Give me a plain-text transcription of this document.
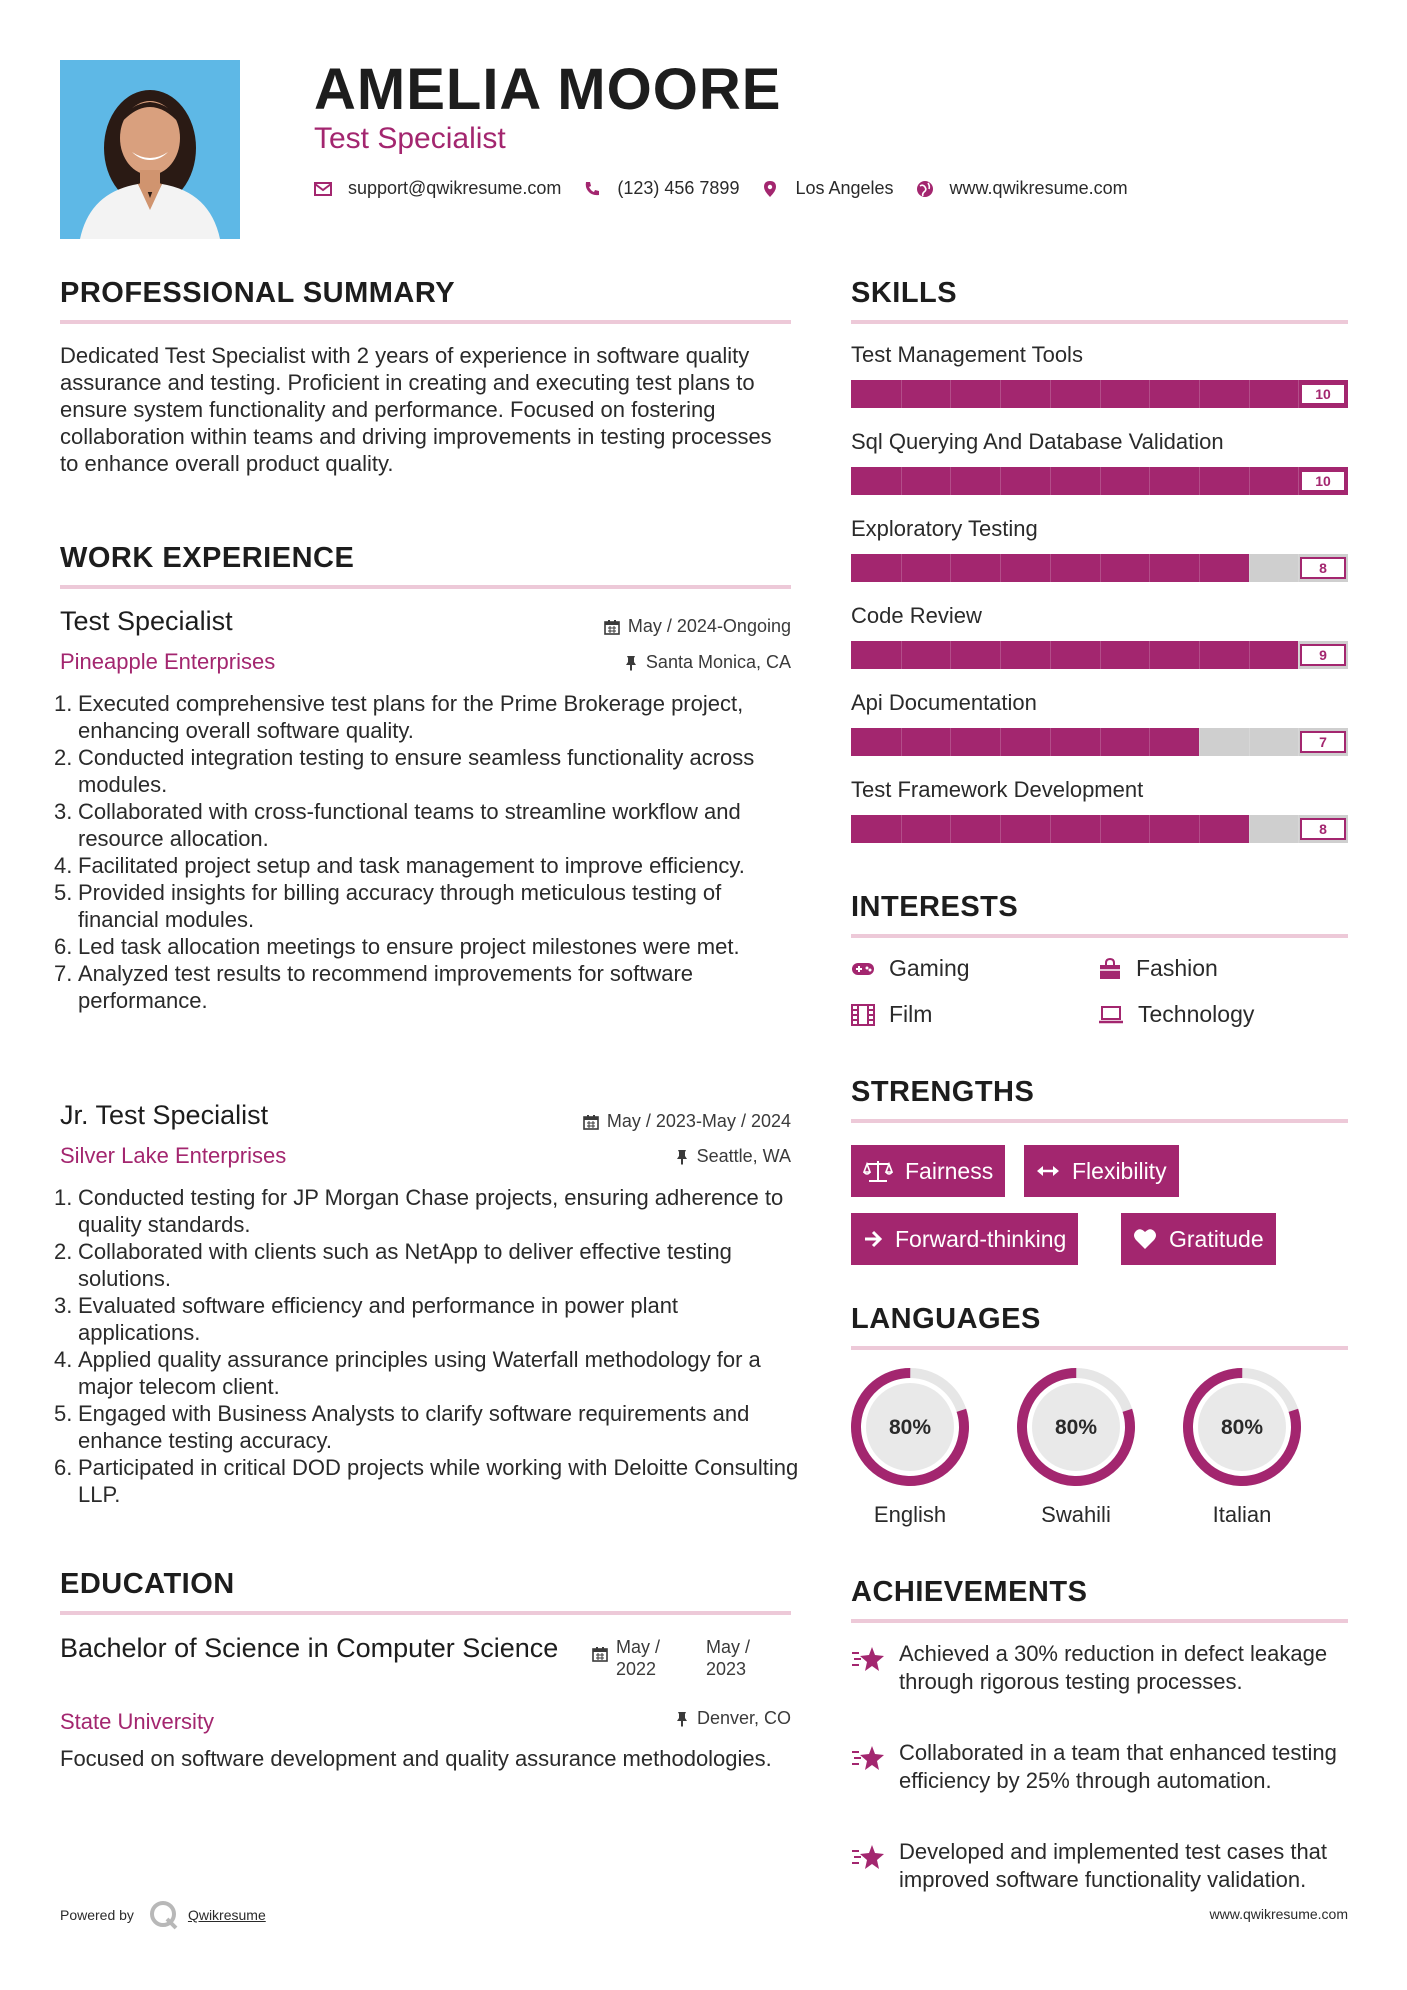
AMELIA MOORE
Test Specialist
support@qwikresume.com	(123) 456 7899	Los Angeles	www.qwikresume.com
PROFESSIONAL SUMMARY
Dedicated Test Specialist with 2 years of experience in software quality assurance and testing. Proficient in creating and executing test plans to ensure system functionality and performance. Focused on fostering collaboration within teams and driving improvements in testing processes to enhance overall product quality.
WORK EXPERIENCE
Test Specialist	May / 2024-Ongoing
Pineapple Enterprises	Santa Monica, CA
1. Executed comprehensive test plans for the Prime Brokerage project, enhancing overall software quality.
2. Conducted integration testing to ensure seamless functionality across modules.
3. Collaborated with cross-functional teams to streamline workflow and resource allocation.
4. Facilitated project setup and task management to improve efficiency.
5. Provided insights for billing accuracy through meticulous testing of financial modules.
6. Led task allocation meetings to ensure project milestones were met.
7. Analyzed test results to recommend improvements for software performance.
Jr. Test Specialist	May / 2023-May / 2024
Silver Lake Enterprises	Seattle, WA
1. Conducted testing for JP Morgan Chase projects, ensuring adherence to quality standards.
2. Collaborated with clients such as NetApp to deliver effective testing solutions.
3. Evaluated software efficiency and performance in power plant applications.
4. Applied quality assurance principles using Waterfall methodology for a major telecom client.
5. Engaged with Business Analysts to clarify software requirements and enhance testing accuracy.
6. Participated in critical DOD projects while working with Deloitte Consulting LLP.
EDUCATION
Bachelor of Science in Computer Science	May / 2022
May / 2023
State University	Denver, CO
Focused on software development and quality assurance methodologies.
SKILLS
Test Management Tools
10
Sql Querying And Database Validation
10
Exploratory Testing
8
Code Review
9
Api Documentation
7
Test Framework Development
8
INTERESTS
Gaming	Fashion
Film	Technology
STRENGTHS
Fairness	Flexibility
Forward-thinking	Gratitude
LANGUAGES
80%
English
80%
Swahili
80%
Italian
ACHIEVEMENTS
Achieved a 30% reduction in defect leakage through rigorous testing processes.
Collaborated in a team that enhanced testing efficiency by 25% through automation.
Developed and implemented test cases that improved software functionality validation.
Powered by	Qwikresume	www.qwikresume.com
